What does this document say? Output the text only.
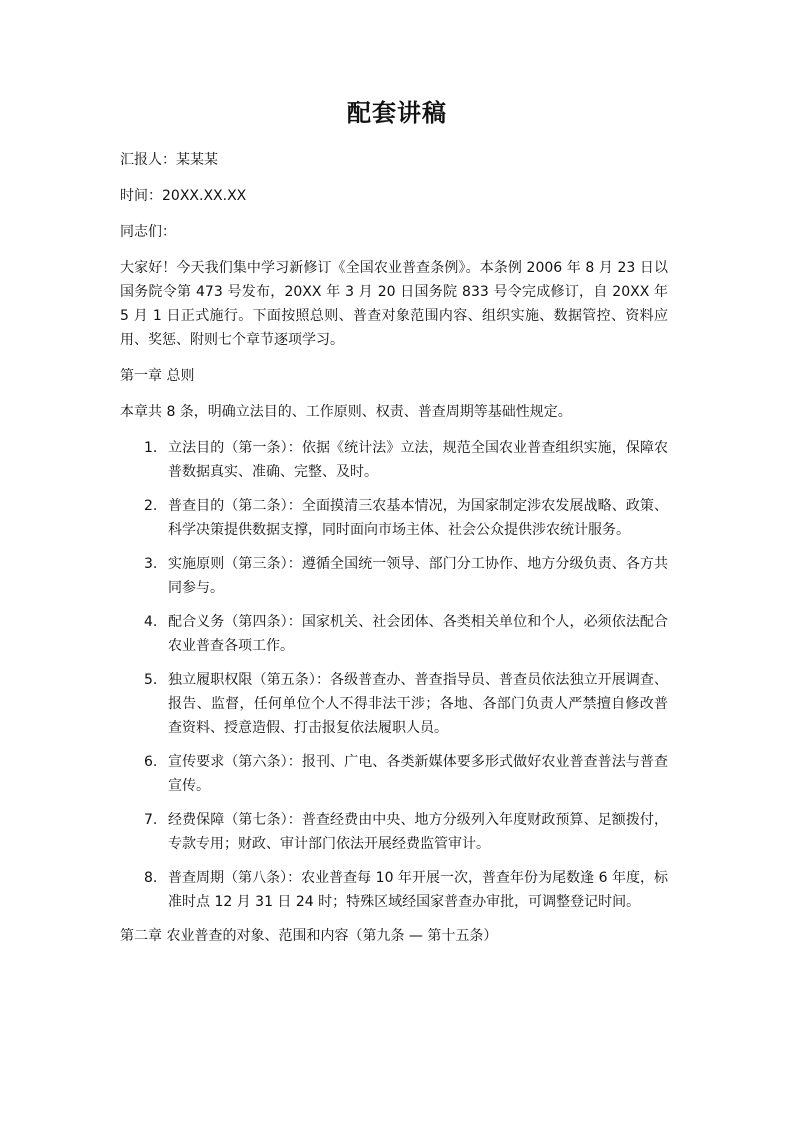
配套讲稿

汇报人：某某某

时间：20XX.XX.XX

同志们：

大家好！今天我们集中学习新修订《全国农业普查条例》。本条例 2006 年 8 月 23 日以国务院令第 473 号发布，20XX 年 3 月 20 日国务院 833 号令完成修订，自 20XX 年 5 月 1 日正式施行。下面按照总则、普查对象范围内容、组织实施、数据管控、资料应用、奖惩、附则七个章节逐项学习。

第一章 总则

本章共 8 条，明确立法目的、工作原则、权责、普查周期等基础性规定。

1. 立法目的（第一条）：依据《统计法》立法，规范全国农业普查组织实施，保障农普数据真实、准确、完整、及时。
2. 普查目的（第二条）：全面摸清三农基本情况，为国家制定涉农发展战略、政策、科学决策提供数据支撑，同时面向市场主体、社会公众提供涉农统计服务。
3. 实施原则（第三条）：遵循全国统一领导、部门分工协作、地方分级负责、各方共同参与。
4. 配合义务（第四条）：国家机关、社会团体、各类相关单位和个人，必须依法配合农业普查各项工作。
5. 独立履职权限（第五条）：各级普查办、普查指导员、普查员依法独立开展调查、报告、监督，任何单位个人不得非法干涉；各地、各部门负责人严禁擅自修改普查资料、授意造假、打击报复依法履职人员。
6. 宣传要求（第六条）：报刊、广电、各类新媒体要多形式做好农业普查普法与普查宣传。
7. 经费保障（第七条）：普查经费由中央、地方分级列入年度财政预算、足额拨付，专款专用；财政、审计部门依法开展经费监管审计。
8. 普查周期（第八条）：农业普查每 10 年开展一次，普查年份为尾数逢 6 年度，标准时点 12 月 31 日 24 时；特殊区域经国家普查办审批，可调整登记时间。

第二章 农业普查的对象、范围和内容（第九条 — 第十五条）
